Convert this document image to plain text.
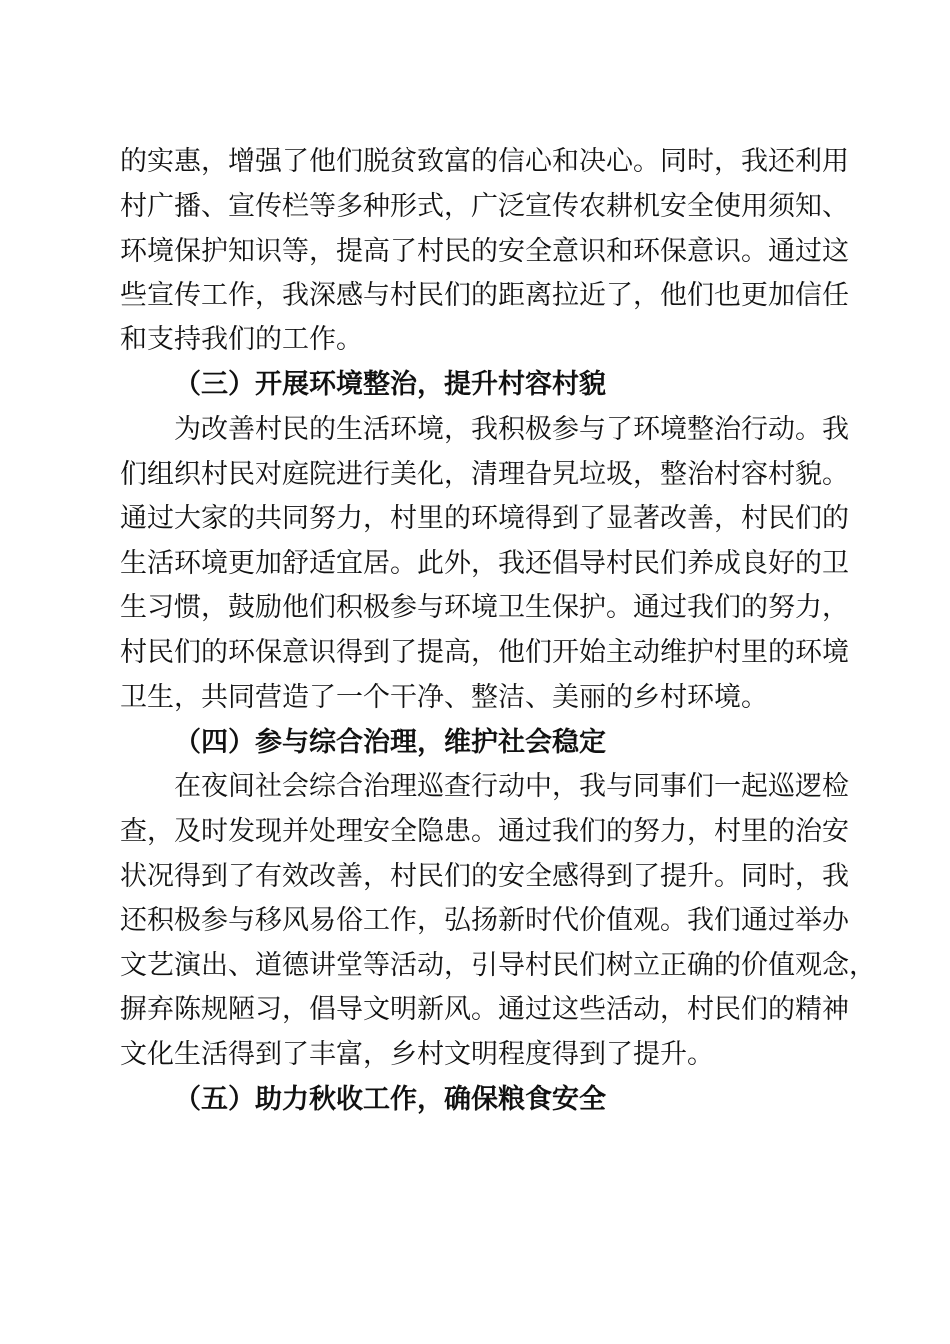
的实惠，增强了他们脱贫致富的信心和决心。同时，我还利用
村广播、宣传栏等多种形式，广泛宣传农耕机安全使用须知、
环境保护知识等，提高了村民的安全意识和环保意识。通过这
些宣传工作，我深感与村民们的距离拉近了，他们也更加信任
和支持我们的工作。
（三）开展环境整治，提升村容村貌
为改善村民的生活环境，我积极参与了环境整治行动。我
们组织村民对庭院进行美化，清理旮旯垃圾，整治村容村貌。
通过大家的共同努力，村里的环境得到了显著改善，村民们的
生活环境更加舒适宜居。此外，我还倡导村民们养成良好的卫
生习惯，鼓励他们积极参与环境卫生保护。通过我们的努力，
村民们的环保意识得到了提高，他们开始主动维护村里的环境
卫生，共同营造了一个干净、整洁、美丽的乡村环境。
（四）参与综合治理，维护社会稳定
在夜间社会综合治理巡查行动中，我与同事们一起巡逻检
查，及时发现并处理安全隐患。通过我们的努力，村里的治安
状况得到了有效改善，村民们的安全感得到了提升。同时，我
还积极参与移风易俗工作，弘扬新时代价值观。我们通过举办
文艺演出、道德讲堂等活动，引导村民们树立正确的价值观念，
摒弃陈规陋习，倡导文明新风。通过这些活动，村民们的精神
文化生活得到了丰富，乡村文明程度得到了提升。
（五）助力秋收工作，确保粮食安全
